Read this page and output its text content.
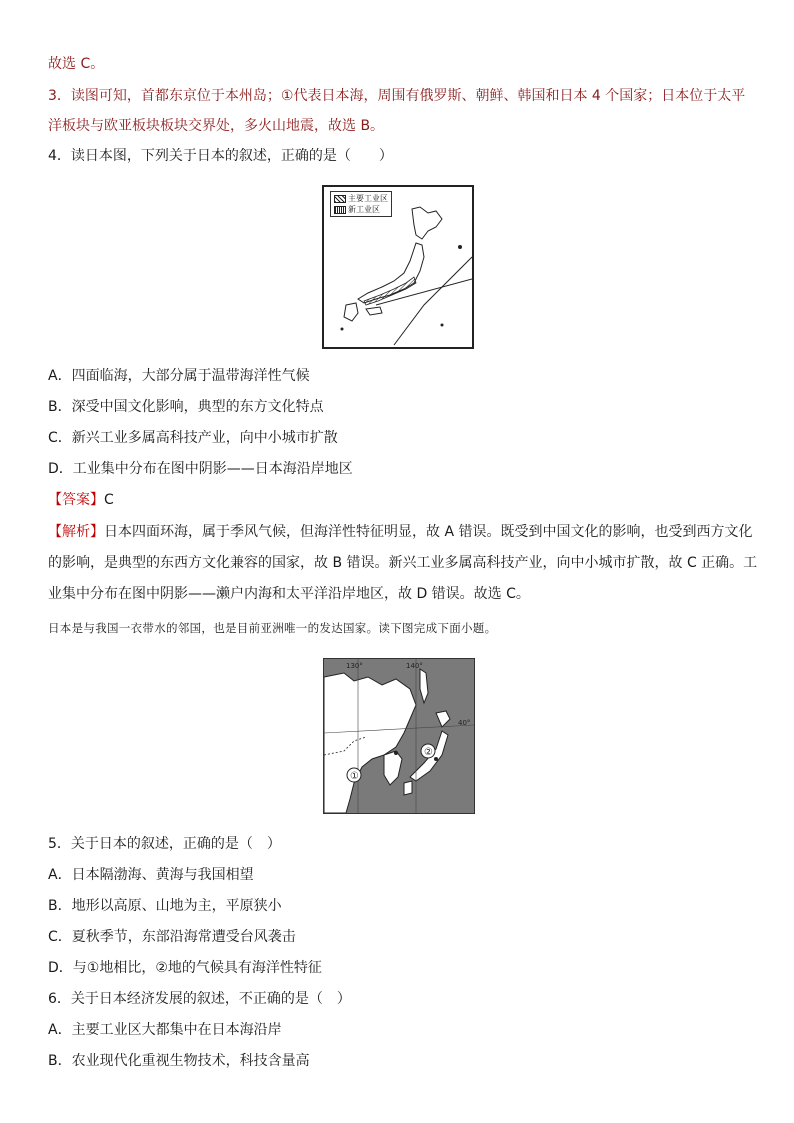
故选 C。
3．读图可知，首都东京位于本州岛；①代表日本海，周围有俄罗斯、朝鲜、韩国和日本 4 个国家；日本位于太平
洋板块与欧亚板块板块交界处，多火山地震，故选 B。
4．读日本图，下列关于日本的叙述，正确的是（　　）
主要工业区
新工业区
A．四面临海，大部分属于温带海洋性气候
B．深受中国文化影响，典型的东方文化特点
C．新兴工业多属高科技产业，向中小城市扩散
D．工业集中分布在图中阴影——日本海沿岸地区
【答案】C
【解析】日本四面环海，属于季风气候，但海洋性特征明显，故 A 错误。既受到中国文化的影响，也受到西方文化
的影响，是典型的东西方文化兼容的国家，故 B 错误。新兴工业多属高科技产业，向中小城市扩散，故 C 正确。工
业集中分布在图中阴影——濑户内海和太平洋沿岸地区，故 D 错误。故选 C。
日本是与我国一衣带水的邻国，也是目前亚洲唯一的发达国家。读下图完成下面小题。
①
②
130°	140°
40°
5．关于日本的叙述，正确的是（　）
A．日本隔渤海、黄海与我国相望
B．地形以高原、山地为主，平原狭小
C．夏秋季节，东部沿海常遭受台风袭击
D．与①地相比，②地的气候具有海洋性特征
6．关于日本经济发展的叙述，不正确的是（　）
A．主要工业区大都集中在日本海沿岸
B．农业现代化重视生物技术，科技含量高
